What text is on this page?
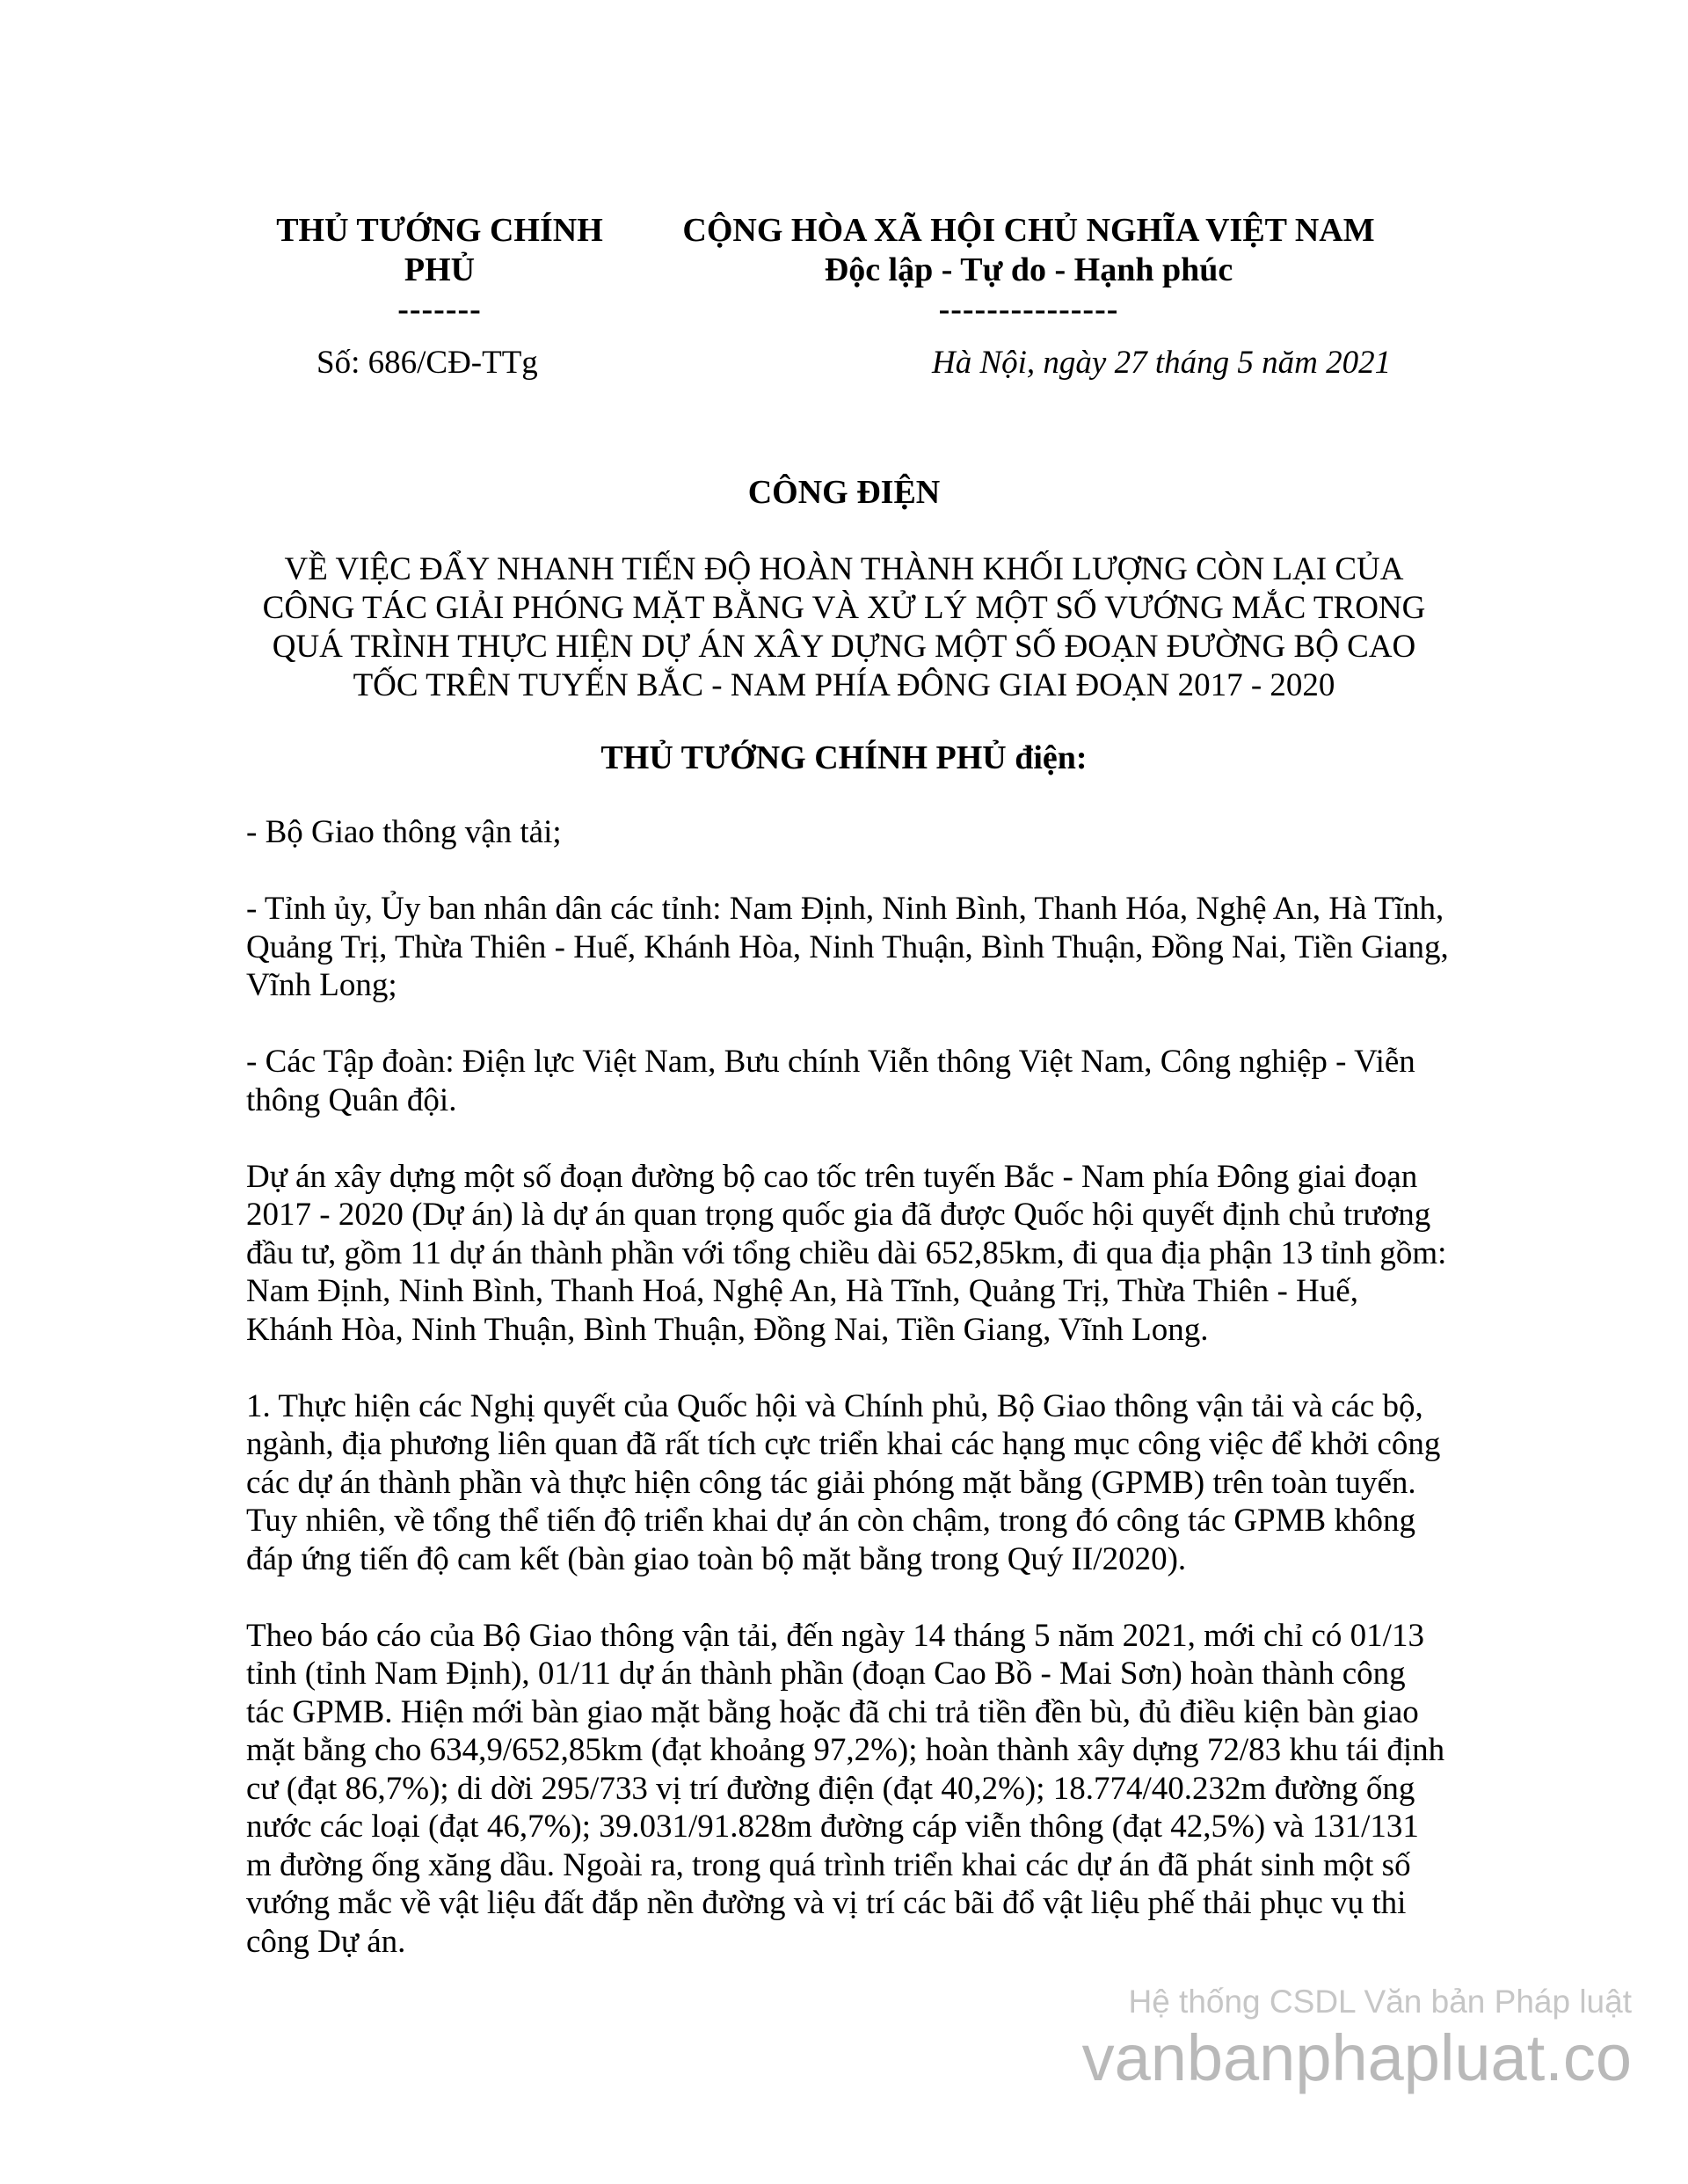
THỦ TƯỚNG CHÍNH
PHỦ
-------
CỘNG HÒA XÃ HỘI CHỦ NGHĨA VIỆT NAM
Độc lập - Tự do - Hạnh phúc
---------------
Số: 686/CĐ-TTg	Hà Nội, ngày 27 tháng 5 năm 2021
CÔNG ĐIỆN
VỀ VIỆC ĐẨY NHANH TIẾN ĐỘ HOÀN THÀNH KHỐI LƯỢNG CÒN LẠI CỦA CÔNG TÁC GIẢI PHÓNG MẶT BẰNG VÀ XỬ LÝ MỘT SỐ VƯỚNG MẮC TRONG QUÁ TRÌNH THỰC HIỆN DỰ ÁN XÂY DỰNG MỘT SỐ ĐOẠN ĐƯỜNG BỘ CAO TỐC TRÊN TUYẾN BẮC - NAM PHÍA ĐÔNG GIAI ĐOẠN 2017 - 2020
THỦ TƯỚNG CHÍNH PHỦ điện:

- Bộ Giao thông vận tải;

- Tỉnh ủy, Ủy ban nhân dân các tỉnh: Nam Định, Ninh Bình, Thanh Hóa, Nghệ An, Hà Tĩnh, Quảng Trị, Thừa Thiên - Huế, Khánh Hòa, Ninh Thuận, Bình Thuận, Đồng Nai, Tiền Giang, Vĩnh Long;

- Các Tập đoàn: Điện lực Việt Nam, Bưu chính Viễn thông Việt Nam, Công nghiệp - Viễn thông Quân đội.

Dự án xây dựng một số đoạn đường bộ cao tốc trên tuyến Bắc - Nam phía Đông giai đoạn 2017 - 2020 (Dự án) là dự án quan trọng quốc gia đã được Quốc hội quyết định chủ trương đầu tư, gồm 11 dự án thành phần với tổng chiều dài 652,85km, đi qua địa phận 13 tỉnh gồm: Nam Định, Ninh Bình, Thanh Hoá, Nghệ An, Hà Tĩnh, Quảng Trị, Thừa Thiên - Huế, Khánh Hòa, Ninh Thuận, Bình Thuận, Đồng Nai, Tiền Giang, Vĩnh Long.

1. Thực hiện các Nghị quyết của Quốc hội và Chính phủ, Bộ Giao thông vận tải và các bộ, ngành, địa phương liên quan đã rất tích cực triển khai các hạng mục công việc để khởi công các dự án thành phần và thực hiện công tác giải phóng mặt bằng (GPMB) trên toàn tuyến. Tuy nhiên, về tổng thể tiến độ triển khai dự án còn chậm, trong đó công tác GPMB không đáp ứng tiến độ cam kết (bàn giao toàn bộ mặt bằng trong Quý II/2020).

Theo báo cáo của Bộ Giao thông vận tải, đến ngày 14 tháng 5 năm 2021, mới chỉ có 01/13 tỉnh (tỉnh Nam Định), 01/11 dự án thành phần (đoạn Cao Bồ - Mai Sơn) hoàn thành công tác GPMB. Hiện mới bàn giao mặt bằng hoặc đã chi trả tiền đền bù, đủ điều kiện bàn giao mặt bằng cho 634,9/652,85km (đạt khoảng 97,2%); hoàn thành xây dựng 72/83 khu tái định cư (đạt 86,7%); di dời 295/733 vị trí đường điện (đạt 40,2%); 18.774/40.232m đường ống nước các loại (đạt 46,7%); 39.031/91.828m đường cáp viễn thông (đạt 42,5%) và 131/131 m đường ống xăng dầu. Ngoài ra, trong quá trình triển khai các dự án đã phát sinh một số vướng mắc về vật liệu đất đắp nền đường và vị trí các bãi đổ vật liệu phế thải phục vụ thi công Dự án.

Hệ thống CSDL Văn bản Pháp luật
vanbanphapluat.co
